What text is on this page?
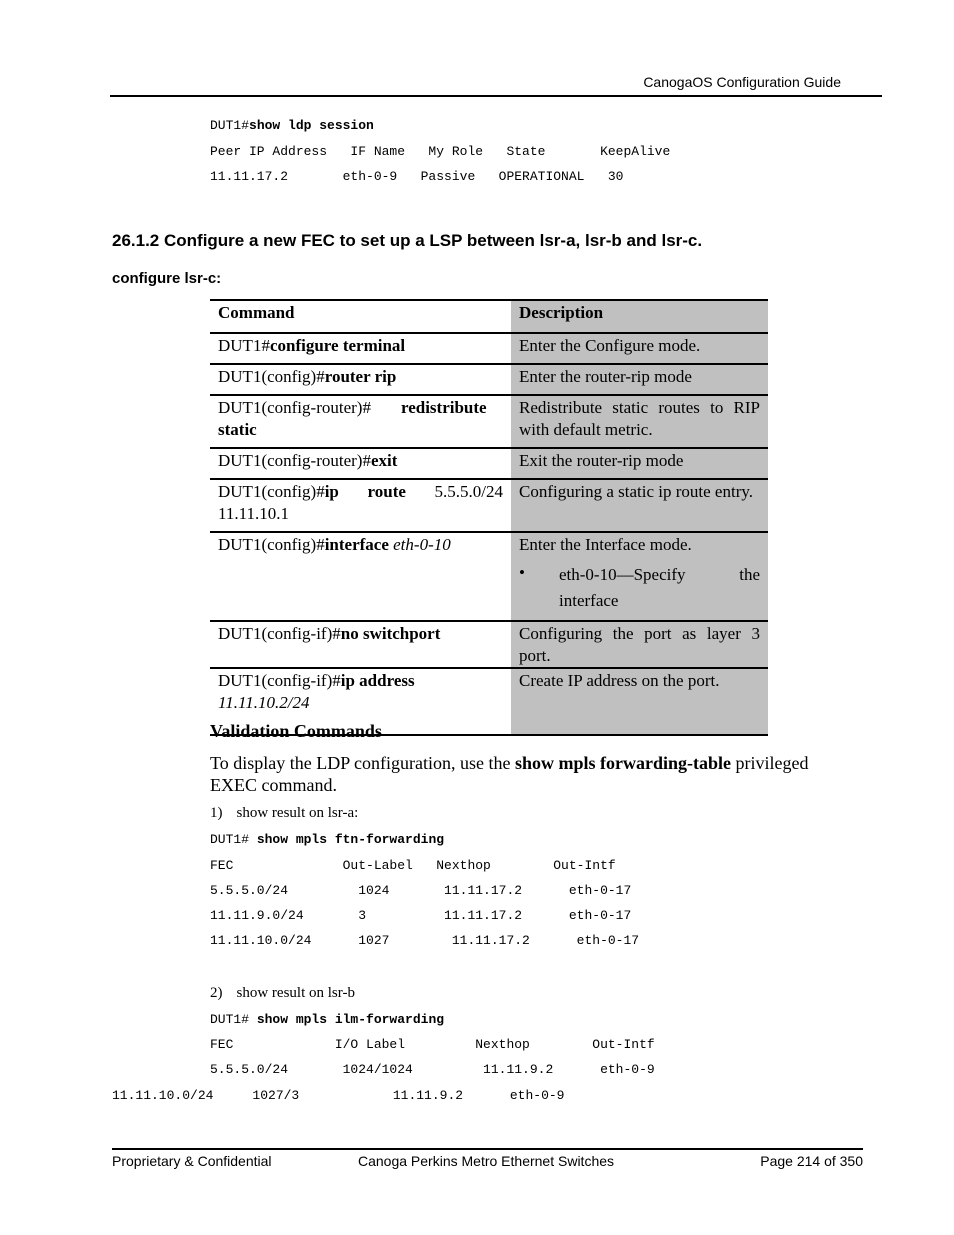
CanogaOS Configuration Guide
DUT1#show ldp session
Peer IP Address   IF Name   My Role   State       KeepAlive
11.11.17.2       eth-0-9   Passive   OPERATIONAL   30
26.1.2 Configure a new FEC to set up a LSP between lsr-a, lsr-b and lsr-c.
configure lsr-c:
Command	Description
DUT1#configure terminal	Enter the Configure mode.
DUT1(config)#router rip	Enter the router-rip mode
DUT1(config-router)# redistribute static	Redistribute static routes to RIP with default metric.
DUT1(config-router)#exit	Exit the router-rip mode
DUT1(config)#ip route 5.5.5.0/24 11.11.10.1	Configuring a static ip route entry.
DUT1(config)#interface eth-0-10	Enter the Interface mode.
• eth-0-10—Specify the interface

DUT1(config-if)#no switchport	Configuring the port as layer 3 port.

DUT1(config-if)#ip address
11.11.10.2/24	Create IP address on the port.
Validation Commands
To display the LDP configuration, use the show mpls forwarding-table privileged EXEC command.
1) show result on lsr-a:
DUT1# show mpls ftn-forwarding
FEC              Out-Label   Nexthop        Out-Intf
5.5.5.0/24         1024       11.11.17.2      eth-0-17
11.11.9.0/24       3          11.11.17.2      eth-0-17
11.11.10.0/24      1027        11.11.17.2      eth-0-17
2) show result on lsr-b
DUT1# show mpls ilm-forwarding
FEC             I/O Label         Nexthop        Out-Intf
5.5.5.0/24       1024/1024         11.11.9.2      eth-0-9
11.11.10.0/24     1027/3            11.11.9.2      eth-0-9
Proprietary & Confidential	Canoga Perkins Metro Ethernet Switches	Page 214 of 350
